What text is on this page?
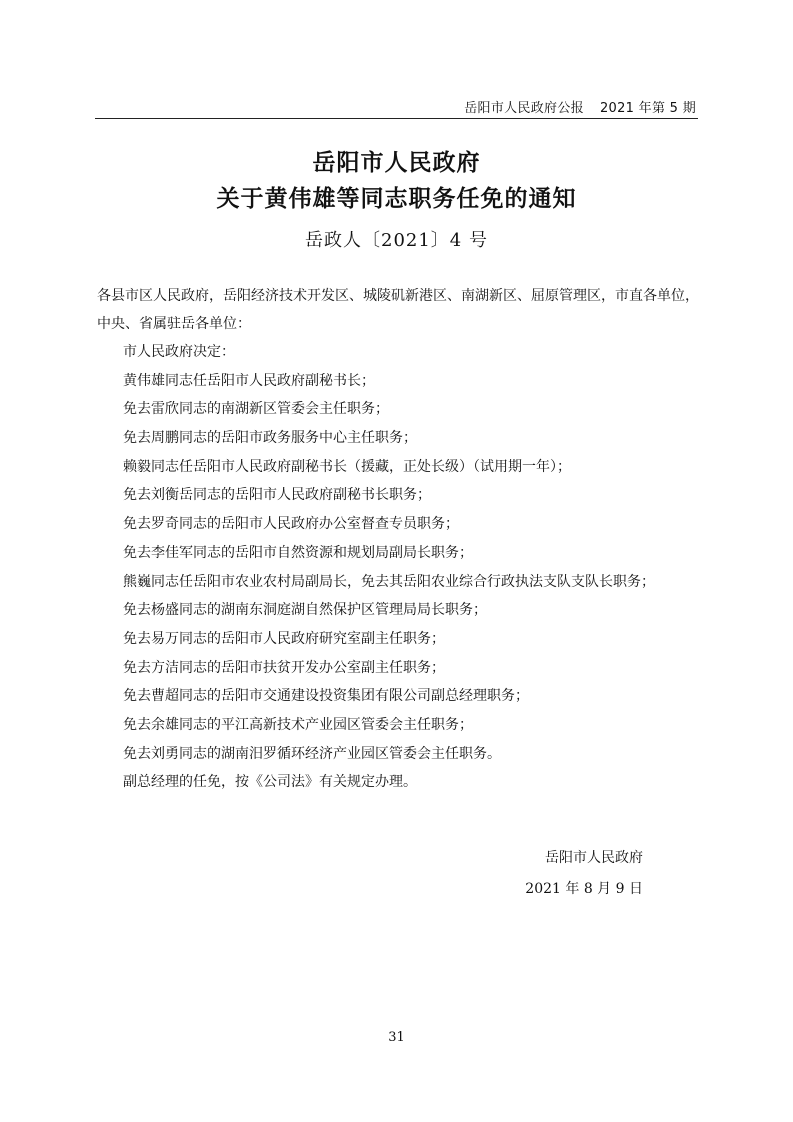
岳阳市人民政府公报 2021 年第 5 期
岳阳市人民政府
关于黄伟雄等同志职务任免的通知
岳政人〔2021〕4 号
各县市区人民政府，岳阳经济技术开发区、城陵矶新港区、南湖新区、屈原管理区，市直各单位，中央、省属驻岳各单位：
市人民政府决定：
黄伟雄同志任岳阳市人民政府副秘书长；
免去雷欣同志的南湖新区管委会主任职务；
免去周鹏同志的岳阳市政务服务中心主任职务；
赖毅同志任岳阳市人民政府副秘书长（援藏，正处长级）（试用期一年）；
免去刘衡岳同志的岳阳市人民政府副秘书长职务；
免去罗奇同志的岳阳市人民政府办公室督查专员职务；
免去李佳军同志的岳阳市自然资源和规划局副局长职务；
熊巍同志任岳阳市农业农村局副局长，免去其岳阳农业综合行政执法支队支队长职务；
免去杨盛同志的湖南东洞庭湖自然保护区管理局局长职务；
免去易万同志的岳阳市人民政府研究室副主任职务；
免去方洁同志的岳阳市扶贫开发办公室副主任职务；
免去曹超同志的岳阳市交通建设投资集团有限公司副总经理职务；
免去余雄同志的平江高新技术产业园区管委会主任职务；
免去刘勇同志的湖南汨罗循环经济产业园区管委会主任职务。
副总经理的任免，按《公司法》有关规定办理。
岳阳市人民政府
2021 年 8 月 9 日
31
